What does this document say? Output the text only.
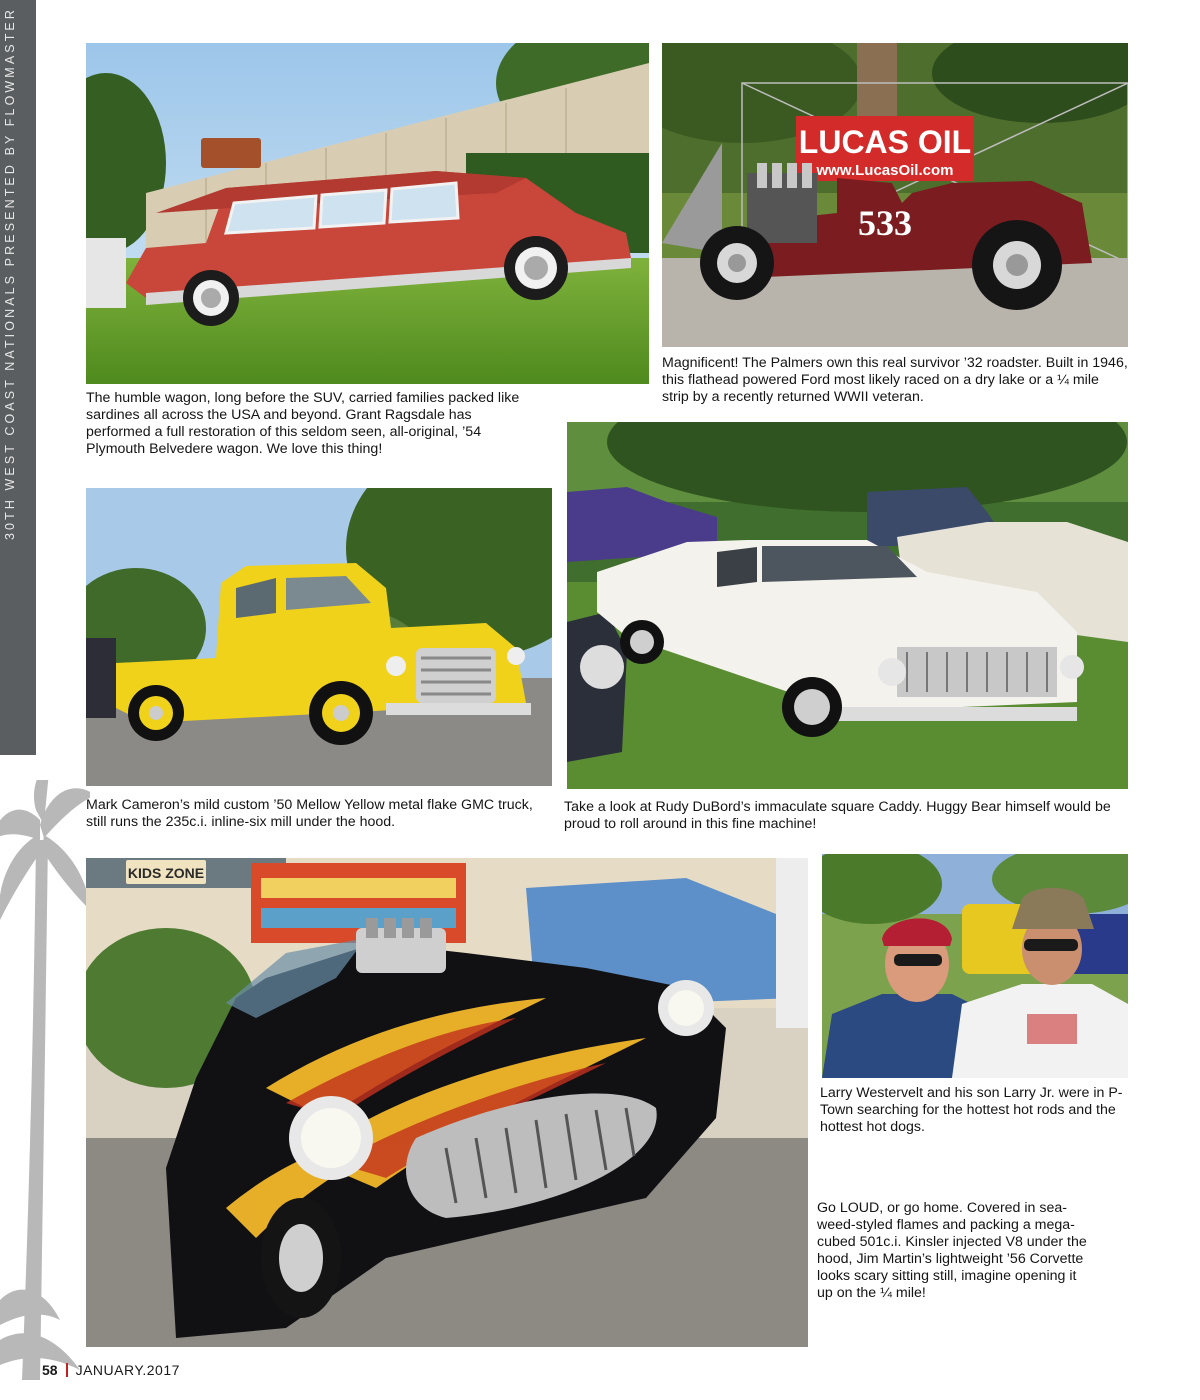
30TH WEST COAST NATIONALS PRESENTED BY FLOWMASTER	The humble wagon, long before the SUV, carried families packed like sardines all across the USA and beyond. Grant Ragsdale has performed a full restoration of this seldom seen, all-original, ’54 Plymouth Belvedere wagon. We love this thing!

LUCAS OIL
www.LucasOil.com
533

Magnificent! The Palmers own this real survivor ’32 roadster. Built in 1946, this flathead powered Ford most likely raced on a dry lake or a ¼ mile strip by a recently returned WWII veteran.

Mark Cameron’s mild custom ’50 Mellow Yellow metal flake GMC truck, still runs the 235c.i. inline-six mill under the hood.

Take a look at Rudy DuBord’s immaculate square Caddy. Huggy Bear himself would be proud to roll around in this fine machine!

KIDS ZONE

Larry Westervelt and his son Larry Jr. were in P-Town searching for the hottest hot rods and the hottest hot dogs.

Go LOUD, or go home. Covered in sea-weed-styled flames and packing a mega-cubed 501c.i. Kinsler injected V8 under the hood, Jim Martin’s lightweight ’56 Corvette looks scary sitting still, imagine opening it up on the ¼ mile!

58 JANUARY.2017
